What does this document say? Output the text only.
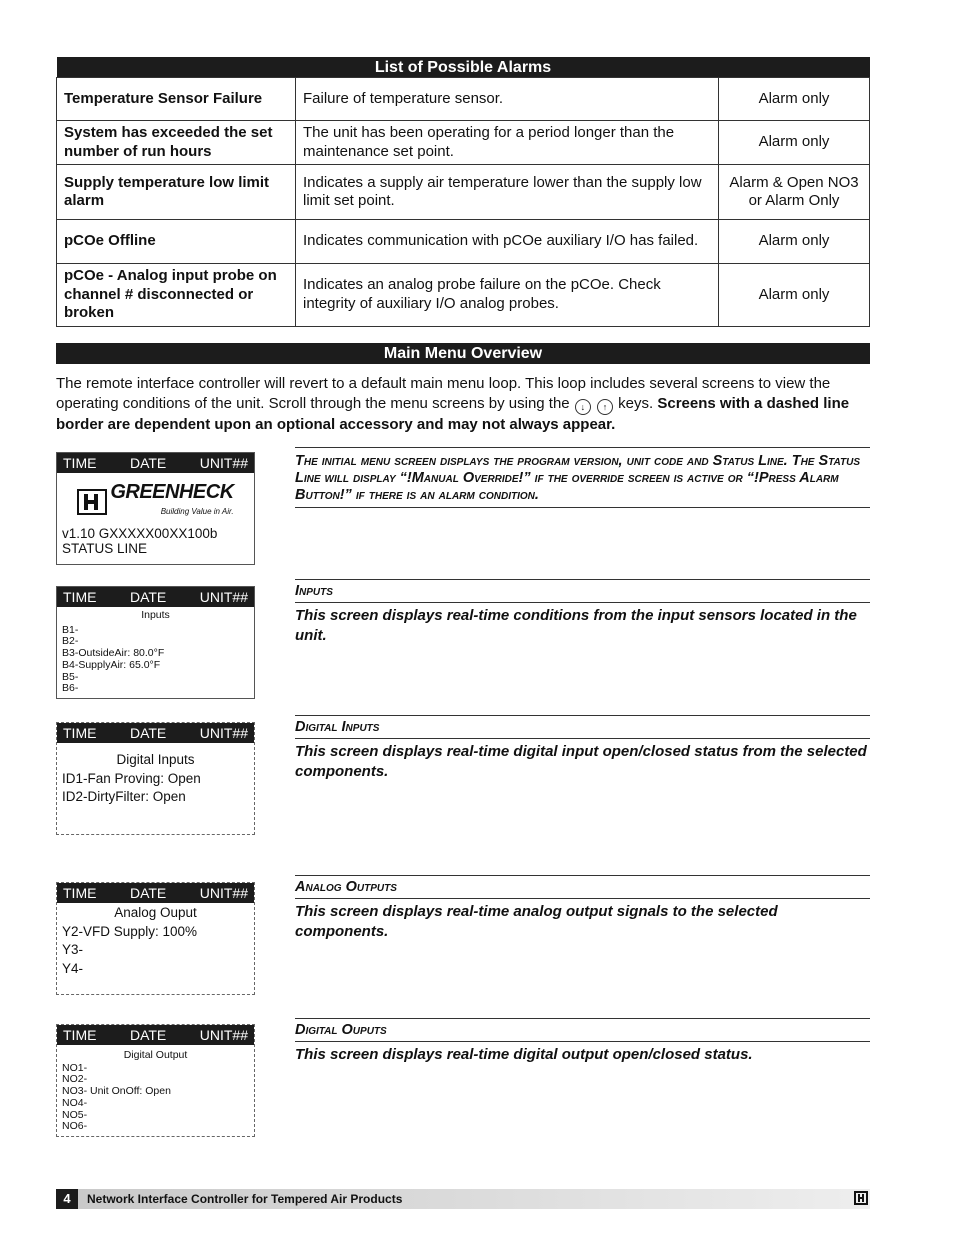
List of Possible Alarms		
Temperature Sensor Failure	Failure of temperature sensor.	Alarm only
System has exceeded the set number of run hours	The unit has been operating for a period longer than the maintenance set point.	Alarm only
Supply temperature low limit alarm	Indicates a supply air temperature lower than the supply low limit set point.	Alarm & Open NO3 or Alarm Only
pCOe Offline	Indicates communication with pCOe auxiliary I/O has failed.	Alarm only
pCOe - Analog input probe on channel # disconnected or broken	Indicates an analog probe failure on the pCOe. Check integrity of auxiliary I/O analog probes.	Alarm only
Main Menu Overview
The remote interface controller will revert to a default main menu loop. This loop includes several screens to view the operating conditions of the unit. Scroll through the menu screens by using the ↓ ↑ keys. Screens with a dashed line border are dependent upon an optional accessory and may not always appear.
TIME DATE UNIT##
GREENHECK
Building Value in Air.
v1.10 GXXXXX00XX100b
STATUS LINE
The initial menu screen displays the program version, unit code and Status Line. The Status Line will display “!Manual Override!” if the override screen is active or “!Press Alarm Button!” if there is an alarm condition.
TIME DATE UNIT##
Inputs
B1-
B2-
B3-OutsideAir: 80.0°F
B4-SupplyAir: 65.0°F
B5-
B6-
Inputs
This screen displays real-time conditions from the input sensors located in the unit.
TIME DATE UNIT##
Digital Inputs
ID1-Fan Proving: Open
ID2-DirtyFilter: Open
Digital Inputs
This screen displays real-time digital input open/closed status from the selected components.
TIME DATE UNIT##
Analog Ouput
Y2-VFD Supply: 100%
Y3-
Y4-
Analog Outputs
This screen displays real-time analog output signals to the selected components.
TIME DATE UNIT##
Digital Output
NO1-
NO2-
NO3- Unit OnOff: Open
NO4-
NO5-
NO6-
Digital Ouputs
This screen displays real-time digital output open/closed status.
4	Network Interface Controller for Tempered Air Products
